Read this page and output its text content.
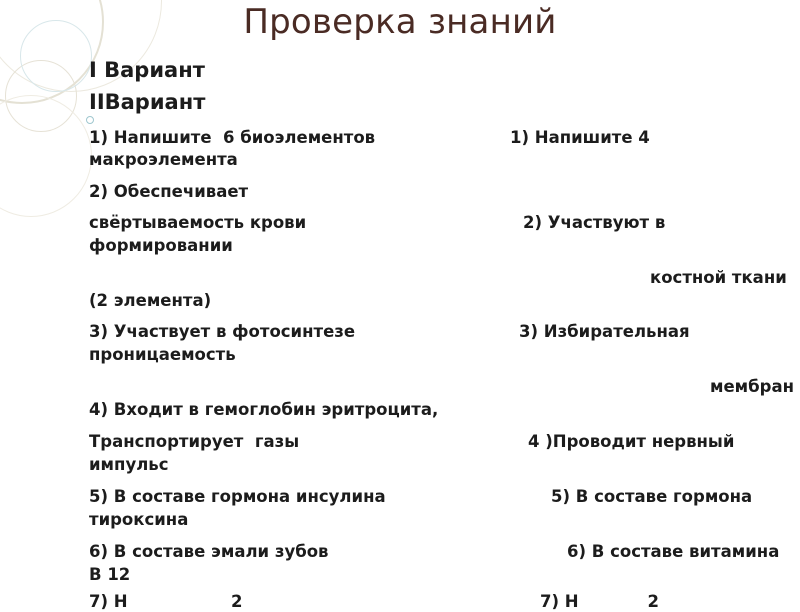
Проверка знаний
I Вариант
IIВариант
1) Напишите  6 биоэлементов	1) Напишите 4
макроэлемента
2) Обеспечивает
свёртываемость крови	2) Участвуют в
формировании
костной ткани
(2 элемента)
3) Участвует в фотосинтезе	3) Избирательная
проницаемость
мембран
4) Входит в гемоглобин эритроцита,
Транспортирует  газы	4 )Проводит нервный
импульс
5) В составе гормона инсулина	5) В составе гормона
тироксина
6) В составе эмали зубов	6) В составе витамина
В 12
7) Н                  2	7) Н            2
